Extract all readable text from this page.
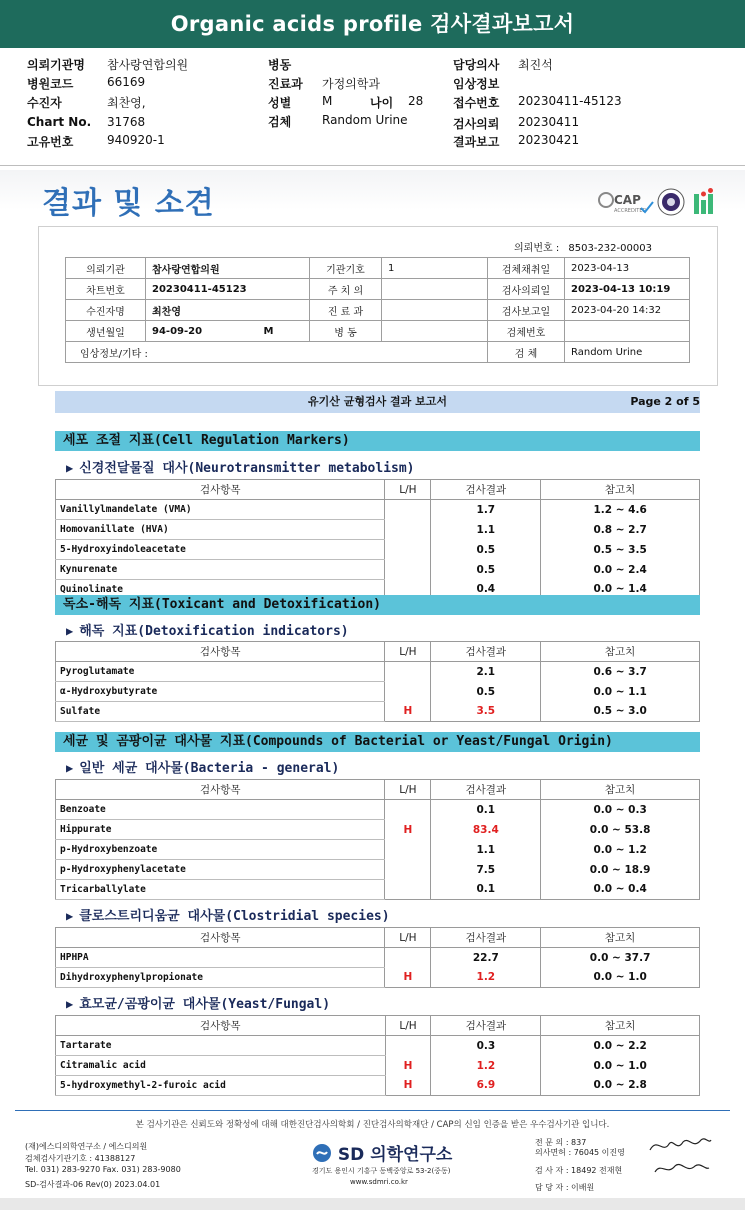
Organic acids profile 검사결과보고서
의뢰기관명 참사랑연합의원
병원코드	66169
수진자	최찬영,
Chart No. 31768
고유번호	940920-1
병동
진료과 가정의학과
성별	M	나이 28
검체	Random Urine
담당의사 최진석
임상정보
접수번호 20230411-45123
검사의뢰 20230411
결과보고 20230421
결과 및 소견	CAP
ACCREDITED
의뢰번호 : 8503-232-00003
의뢰기관	참사랑연합의원	기관기호	1	검체채취일	2023-04-13
차트번호	20230411-45123	주 치 의		검사의뢰일	2023-04-13 10:19
수진자명	최찬영	진 료 과		검사보고일	2023-04-20 14:32
생년월일	94-09-20 M	병 동		검체번호	
임상정보/기타 :				검 체	Random Urine
유기산 균형검사 결과 보고서	Page 2 of 5
세포 조절 지표(Cell Regulation Markers)
▶ 신경전달물질 대사(Neurotransmitter metabolism)
검사항목	L/H	검사결과	참고치
Vanillylmandelate (VMA)		1.7	1.2 ~ 4.6
Homovanillate (HVA)		1.1	0.8 ~ 2.7
5-Hydroxyindoleacetate		0.5	0.5 ~ 3.5
Kynurenate		0.5	0.0 ~ 2.4
Quinolinate		0.4	0.0 ~ 1.4
독소-해독 지표(Toxicant and Detoxification)
▶ 해독 지표(Detoxification indicators)
검사항목	L/H	검사결과	참고치
Pyroglutamate		2.1	0.6 ~ 3.7
α-Hydroxybutyrate		0.5	0.0 ~ 1.1
Sulfate	H	3.5	0.5 ~ 3.0
세균 및 곰팡이균 대사물 지표(Compounds of Bacterial or Yeast/Fungal Origin)
▶ 일반 세균 대사물(Bacteria - general)
검사항목	L/H	검사결과	참고치
Benzoate		0.1	0.0 ~ 0.3
Hippurate	H	83.4	0.0 ~ 53.8
p-Hydroxybenzoate		1.1	0.0 ~ 1.2
p-Hydroxyphenylacetate		7.5	0.0 ~ 18.9
Tricarballylate		0.1	0.0 ~ 0.4
▶ 클로스트리디움균 대사물(Clostridial species)
검사항목	L/H	검사결과	참고치
HPHPA		22.7	0.0 ~ 37.7
Dihydroxyphenylpropionate	H	1.2	0.0 ~ 1.0
▶ 효모균/곰팡이균 대사물(Yeast/Fungal)
검사항목	L/H	검사결과	참고치
Tartarate		0.3	0.0 ~ 2.2
Citramalic acid	H	1.2	0.0 ~ 1.0
5-hydroxymethyl-2-furoic acid	H	6.9	0.0 ~ 2.8
본 검사기관은 신뢰도와 정확성에 대해 대한진단검사의학회 / 진단검사의학재단 / CAP의 신임 인증을 받은 우수검사기관 입니다.
(재)에스디의학연구소 / 에스디의원
검체검사기관기호 : 41388127
Tel. 031) 283-9270 Fax. 031) 283-9080
SD-검사결과-06 Rev(0) 2023.04.01
SD 의학연구소
경기도 용인시 기흥구 동백중앙로 53-2(중동)
www.sdmri.co.kr
전 문 의 : 837
의사면허 : 76045 이진영
검 사 자 : 18492 전재현
담 당 자 : 이배원
